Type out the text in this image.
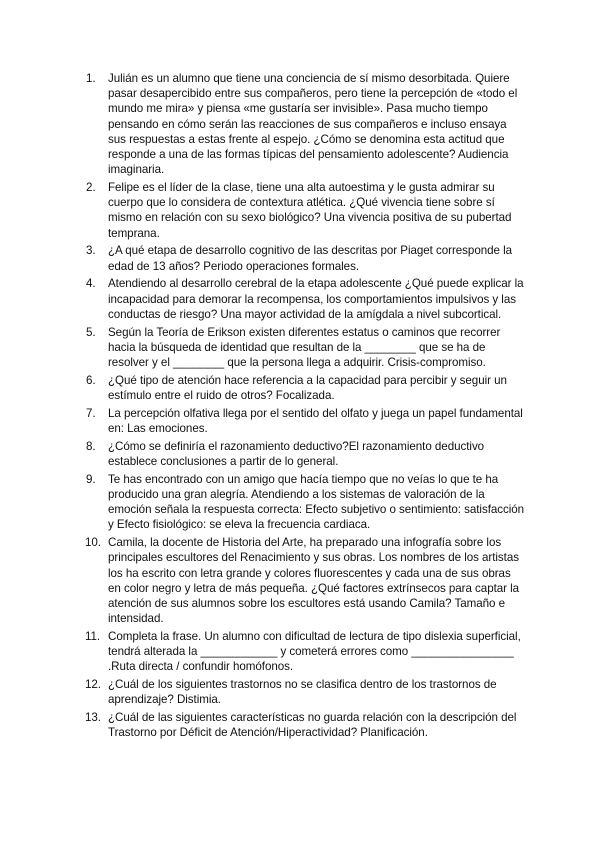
1. Julián es un alumno que tiene una conciencia de sí mismo desorbitada. Quiere pasar desapercibido entre sus compañeros, pero tiene la percepción de «todo el mundo me mira» y piensa «me gustaría ser invisible». Pasa mucho tiempo pensando en cómo serán las reacciones de sus compañeros e incluso ensaya sus respuestas a estas frente al espejo. ¿Cómo se denomina esta actitud que responde a una de las formas típicas del pensamiento adolescente? Audiencia imaginaria.
2. Felipe es el líder de la clase, tiene una alta autoestima y le gusta admirar su cuerpo que lo considera de contextura atlética. ¿Qué vivencia tiene sobre sí mismo en relación con su sexo biológico? Una vivencia positiva de su pubertad temprana.
3. ¿A qué etapa de desarrollo cognitivo de las descritas por Piaget corresponde la edad de 13 años? Periodo operaciones formales.
4. Atendiendo al desarrollo cerebral de la etapa adolescente ¿Qué puede explicar la incapacidad para demorar la recompensa, los comportamientos impulsivos y las conductas de riesgo? Una mayor actividad de la amígdala a nivel subcortical.
5. Según la Teoría de Erikson existen diferentes estatus o caminos que recorrer hacia la búsqueda de identidad que resultan de la ________ que se ha de resolver y el ________ que la persona llega a adquirir. Crisis-compromiso.
6. ¿Qué tipo de atención hace referencia a la capacidad para percibir y seguir un estímulo entre el ruido de otros? Focalizada.
7. La percepción olfativa llega por el sentido del olfato y juega un papel fundamental en: Las emociones.
8. ¿Cómo se definiría el razonamiento deductivo?El razonamiento deductivo establece conclusiones a partir de lo general.
9. Te has encontrado con un amigo que hacía tiempo que no veías lo que te ha producido una gran alegría. Atendiendo a los sistemas de valoración de la emoción señala la respuesta correcta: Efecto subjetivo o sentimiento: satisfacción y Efecto fisiológico: se eleva la frecuencia cardiaca.
10. Camila, la docente de Historia del Arte, ha preparado una infografía sobre los principales escultores del Renacimiento y sus obras. Los nombres de los artistas los ha escrito con letra grande y colores fluorescentes y cada una de sus obras en color negro y letra de más pequeña. ¿Qué factores extrínsecos para captar la atención de sus alumnos sobre los escultores está usando Camila? Tamaño e intensidad.
11. Completa la frase. Un alumno con dificultad de lectura de tipo dislexia superficial, tendrá alterada la ____________ y cometerá errores como ________________ .Ruta directa / confundir homófonos.
12. ¿Cuál de los siguientes trastornos no se clasifica dentro de los trastornos de aprendizaje? Distimia.
13. ¿Cuál de las siguientes características no guarda relación con la descripción del Trastorno por Déficit de Atención/Hiperactividad? Planificación.
